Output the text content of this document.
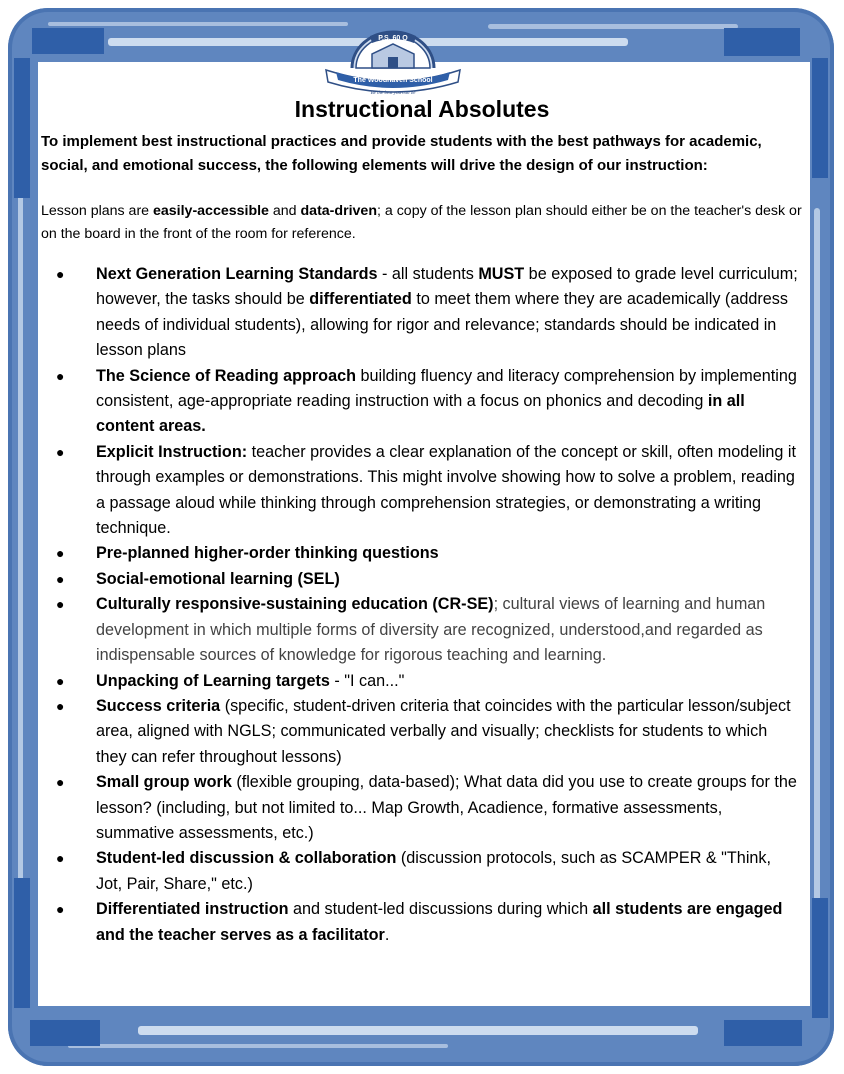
P.S. 60 Q
The Woodhaven School
Be the best you can be
Instructional Absolutes

To implement best instructional practices and provide students with the best pathways for academic, social, and emotional success, the following elements will drive the design of our instruction:

Lesson plans are easily-accessible and data-driven; a copy of the lesson plan should either be on the teacher's desk or on the board in the front of the room for reference.

● Next Generation Learning Standards - all students MUST be exposed to grade level curriculum; however, the tasks should be differentiated to meet them where they are academically (address needs of individual students), allowing for rigor and relevance; standards should be indicated in lesson plans
● The Science of Reading approach building fluency and literacy comprehension by implementing consistent, age-appropriate reading instruction with a focus on phonics and decoding in all content areas.
● Explicit Instruction: teacher provides a clear explanation of the concept or skill, often modeling it through examples or demonstrations. This might involve showing how to solve a problem, reading a passage aloud while thinking through comprehension strategies, or demonstrating a writing technique.
● Pre-planned higher-order thinking questions
● Social-emotional learning (SEL)
● Culturally responsive-sustaining education (CR-SE); cultural views of learning and human development in which multiple forms of diversity are recognized, understood,and regarded as indispensable sources of knowledge for rigorous teaching and learning.
● Unpacking of Learning targets - "I can..."
● Success criteria (specific, student-driven criteria that coincides with the particular lesson/subject area, aligned with NGLS; communicated verbally and visually; checklists for students to which they can refer throughout lessons)
● Small group work (flexible grouping, data-based); What data did you use to create groups for the lesson? (including, but not limited to... Map Growth, Acadience, formative assessments, summative assessments, etc.)
● Student-led discussion & collaboration (discussion protocols, such as SCAMPER & "Think, Jot, Pair, Share," etc.)
● Differentiated instruction and student-led discussions during which all students are engaged and the teacher serves as a facilitator.
